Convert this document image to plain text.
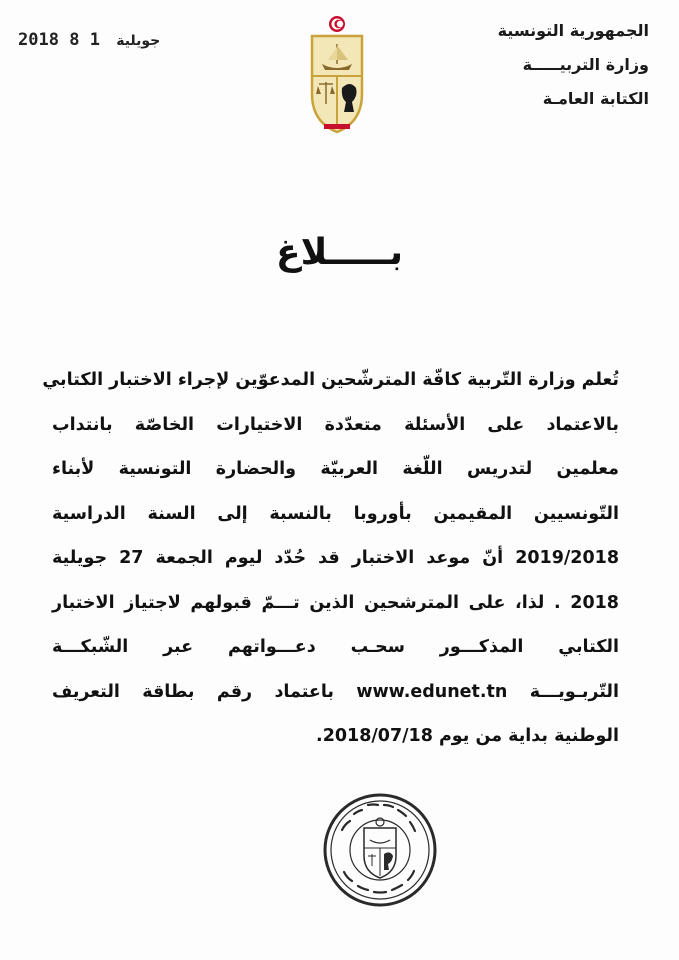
الجمهورية التونسية
وزارة التربيـــــة
الكتابة العامـة
2018	جويلية 1 8
بـــــلاغ
تُعلم وزارة التّربية كافّة المترشّحين المدعوّين لإجراء الاختبار الكتابي
بالاعتماد على الأسئلة متعدّدة الاختيارات الخاصّة بانتداب
معلمين لتدريس اللّغة العربيّة والحضارة التونسية لأبناء
التّونسيين المقيمين بأوروبا بالنسبة إلى السنة الدراسية
2019/2018 أنّ موعد الاختبار قد حُدّد ليوم الجمعة 27 جويلية
2018 . لذا، على المترشحين الذين تـــمّ قبولهم لاجتياز الاختبار
الكتابي المذكـــور سحـب دعـــواتهم عبر الشّبكـــة
التّربـويـــة www.edunet.tn باعتماد رقم بطاقة التعريف
الوطنية بداية من يوم 2018/07/18.
